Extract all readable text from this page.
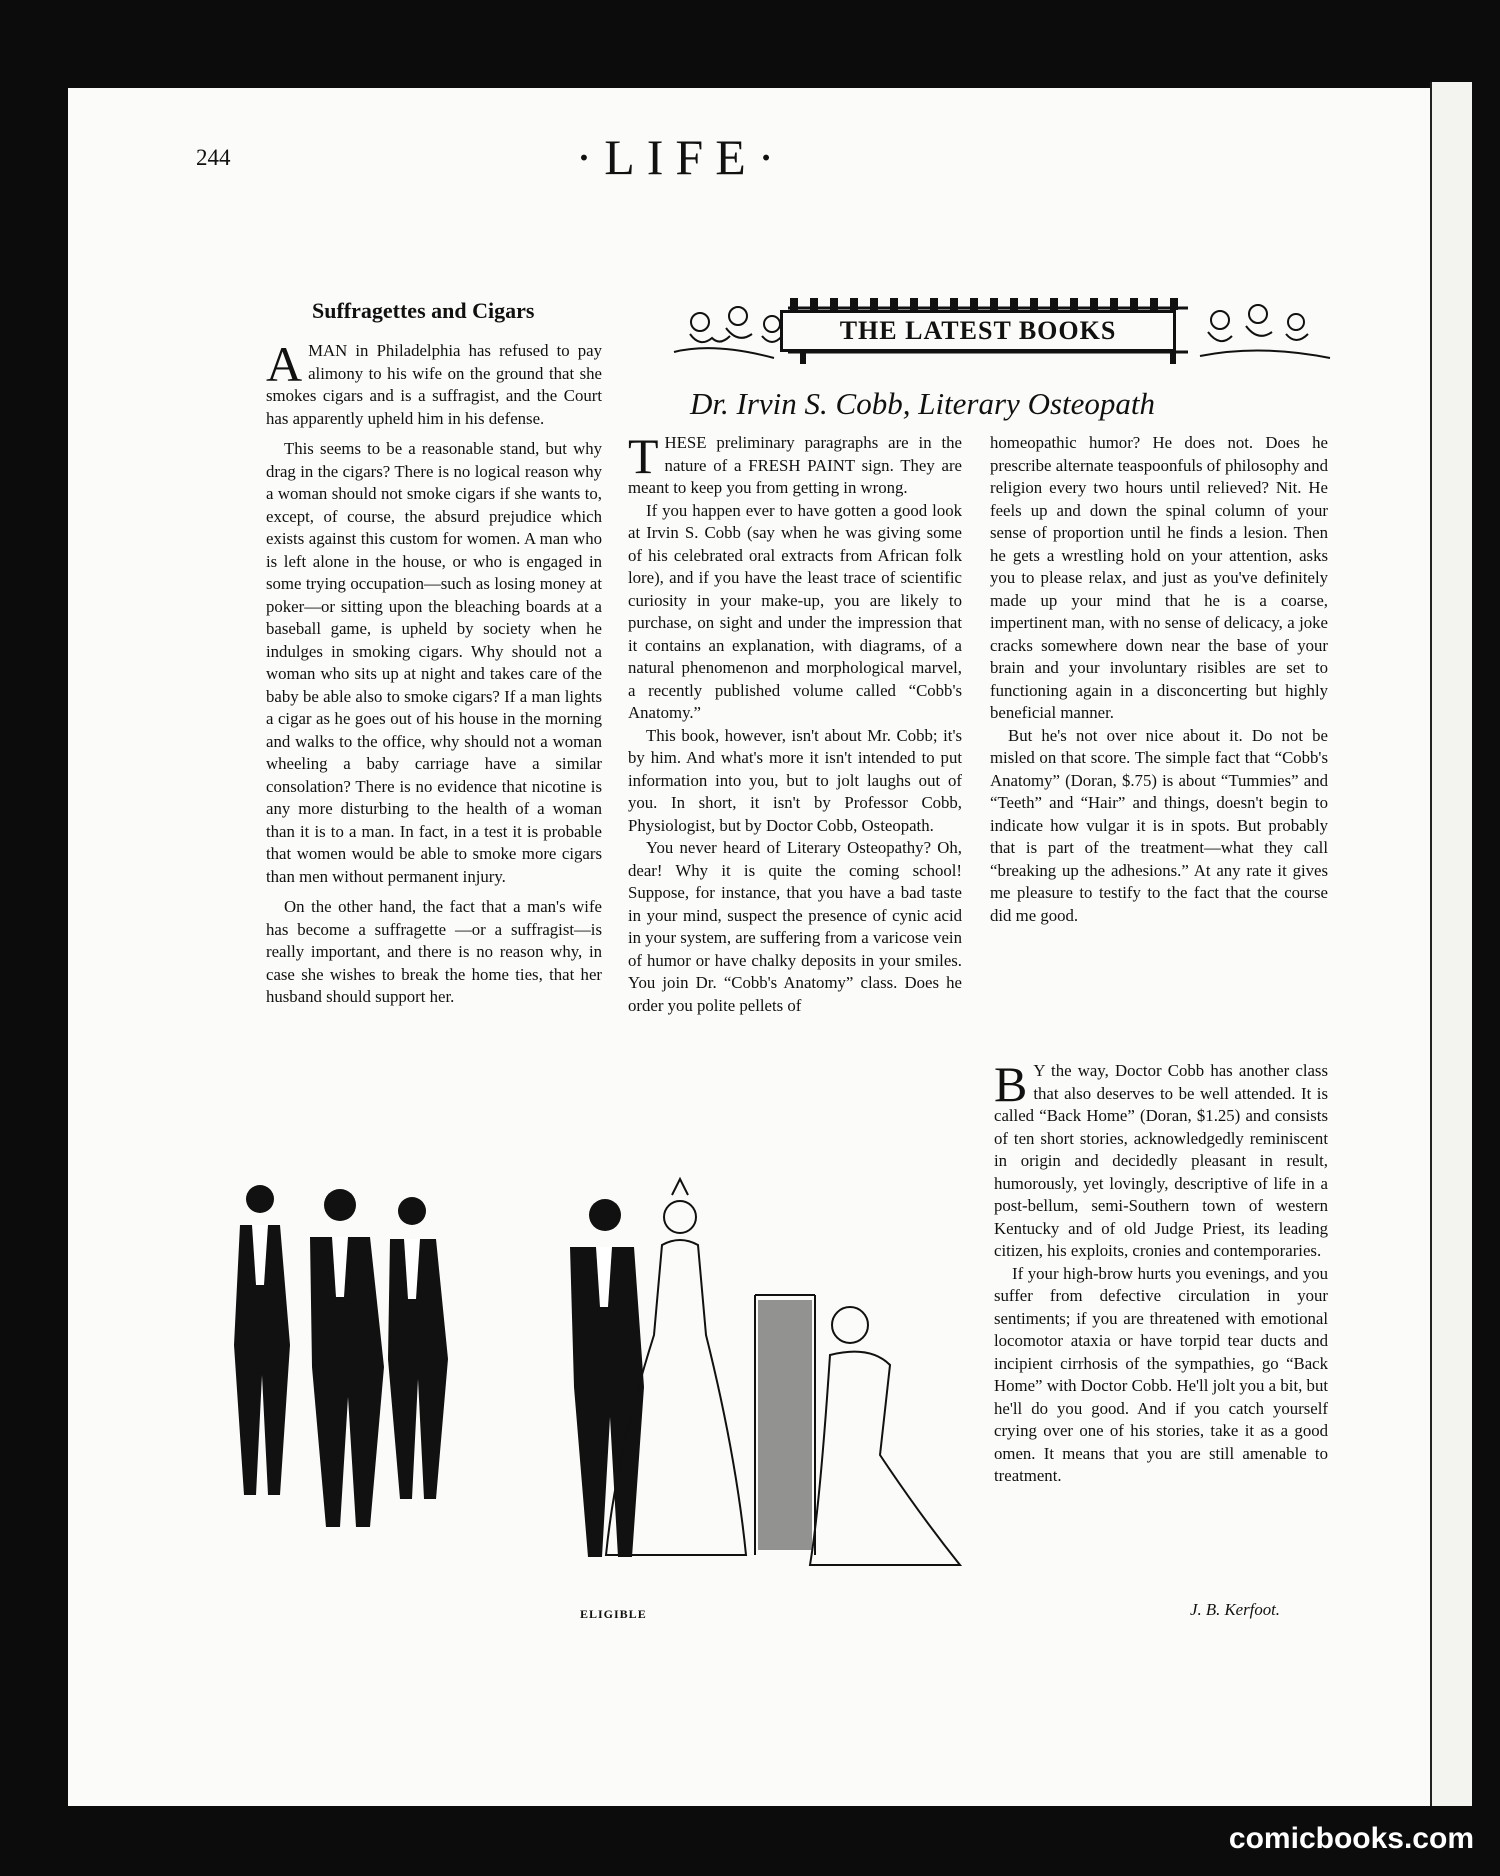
244	·LIFE·
Suffragettes and Cigars
A MAN in Philadelphia has refused to pay alimony to his wife on the ground that she smokes cigars and is a suffragist, and the Court has apparently upheld him in his defense.

This seems to be a reasonable stand, but why drag in the cigars? There is no logical reason why a woman should not smoke cigars if she wants to, except, of course, the absurd prejudice which exists against this custom for women. A man who is left alone in the house, or who is engaged in some trying occupation—such as losing money at poker—or sitting upon the bleaching boards at a baseball game, is upheld by society when he indulges in smoking cigars. Why should not a woman who sits up at night and takes care of the baby be able also to smoke cigars? If a man lights a cigar as he goes out of his house in the morning and walks to the office, why should not a woman wheeling a baby carriage have a similar consolation? There is no evidence that nicotine is any more disturbing to the health of a woman than it is to a man. In fact, in a test it is probable that women would be able to smoke more cigars than men without permanent injury.

On the other hand, the fact that a man's wife has become a suffragette —or a suffragist—is really important, and there is no reason why, in case she wishes to break the home ties, that her husband should support her.

THE LATEST BOOKS
Dr. Irvin S. Cobb, Literary Osteopath
T HESE preliminary paragraphs are in the nature of a FRESH PAINT sign. They are meant to keep you from getting in wrong.

If you happen ever to have gotten a good look at Irvin S. Cobb (say when he was giving some of his celebrated oral extracts from African folk lore), and if you have the least trace of scientific curiosity in your make-up, you are likely to purchase, on sight and under the impression that it contains an explanation, with diagrams, of a natural phenomenon and morphological marvel, a recently published volume called “Cobb's Anatomy.”

This book, however, isn't about Mr. Cobb; it's by him. And what's more it isn't intended to put information into you, but to jolt laughs out of you. In short, it isn't by Professor Cobb, Physiologist, but by Doctor Cobb, Osteopath.

You never heard of Literary Osteopathy? Oh, dear! Why it is quite the coming school! Suppose, for instance, that you have a bad taste in your mind, suspect the presence of cynic acid in your system, are suffering from a varicose vein of humor or have chalky deposits in your smiles. You join Dr. “Cobb's Anatomy” class. Does he order you polite pellets of

homeopathic humor? He does not. Does he prescribe alternate teaspoonfuls of philosophy and religion every two hours until relieved? Nit. He feels up and down the spinal column of your sense of proportion until he finds a lesion. Then he gets a wrestling hold on your attention, asks you to please relax, and just as you've definitely made up your mind that he is a coarse, impertinent man, with no sense of delicacy, a joke cracks somewhere down near the base of your brain and your involuntary risibles are set to functioning again in a disconcerting but highly beneficial manner.

But he's not over nice about it. Do not be misled on that score. The simple fact that “Cobb's Anatomy” (Doran, $.75) is about “Tummies” and “Teeth” and “Hair” and things, doesn't begin to indicate how vulgar it is in spots. But probably that is part of the treatment—what they call “breaking up the adhesions.” At any rate it gives me pleasure to testify to the fact that the course did me good.

B Y the way, Doctor Cobb has another class that also deserves to be well attended. It is called “Back Home” (Doran, $1.25) and consists of ten short stories, acknowledgedly reminiscent in origin and decidedly pleasant in result, humorously, yet lovingly, descriptive of life in a post-bellum, semi-Southern town of western Kentucky and of old Judge Priest, its leading citizen, his exploits, cronies and contemporaries.

If your high-brow hurts you evenings, and you suffer from defective circulation in your sentiments; if you are threatened with emotional locomotor ataxia or have torpid tear ducts and incipient cirrhosis of the sympathies, go “Back Home” with Doctor Cobb. He'll jolt you a bit, but he'll do you good. And if you catch yourself crying over one of his stories, take it as a good omen. It means that you are still amenable to treatment.

J. B. Kerfoot.
ELIGIBLE
comicbooks.com
